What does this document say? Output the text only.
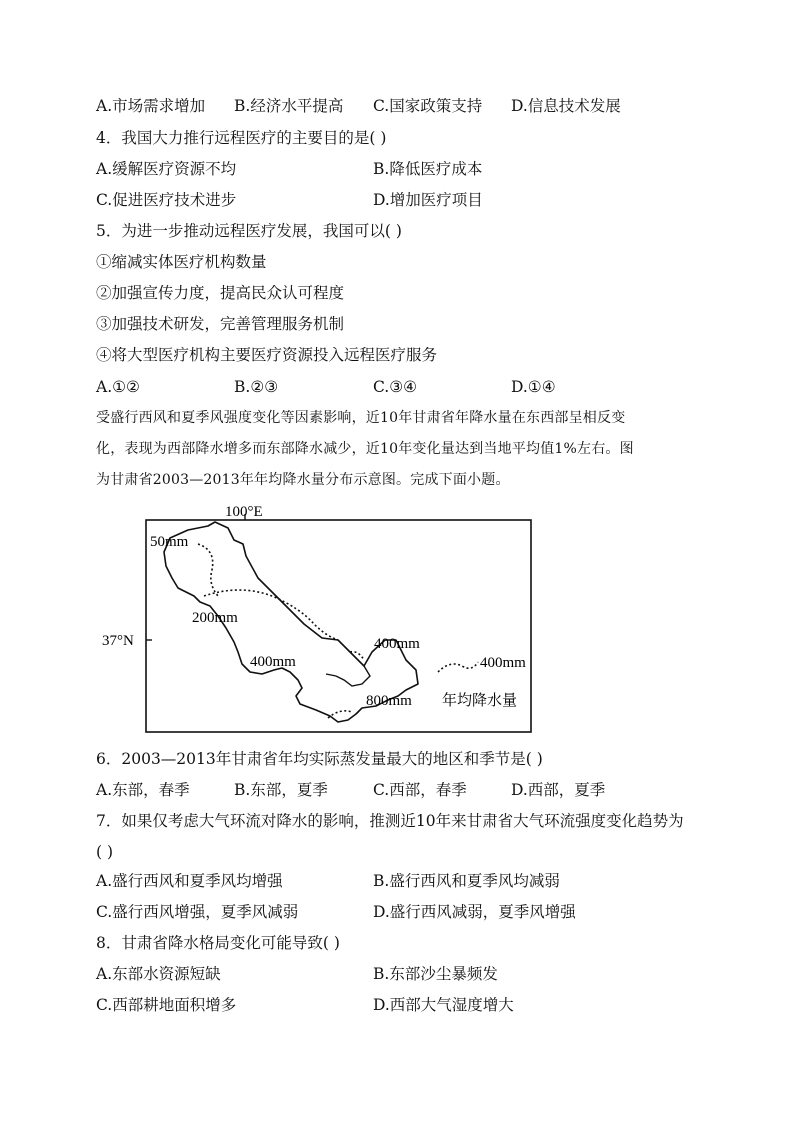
A.市场需求增加 B.经济水平提高 C.国家政策支持 D.信息技术发展
4．我国大力推行远程医疗的主要目的是( )
A.缓解医疗资源不均	B.降低医疗成本
C.促进医疗技术进步	D.增加医疗项目
5．为进一步推动远程医疗发展，我国可以( )
①缩减实体医疗机构数量
②加强宣传力度，提高民众认可程度
③加强技术研发，完善管理服务机制
④将大型医疗机构主要医疗资源投入远程医疗服务
A.①②	B.②③	C.③④	D.①④
受盛行西风和夏季风强度变化等因素影响，近10年甘肃省年降水量在东西部呈相反变
化，表现为西部降水增多而东部降水减少，近10年变化量达到当地平均值1%左右。图
为甘肃省2003—2013年年均降水量分布示意图。完成下面小题。
100°E
37°N
50mm
200mm
400mm
400mm
800mm
400mm
年均降水量
6．2003—2013年甘肃省年均实际蒸发量最大的地区和季节是( )
A.东部，春季	B.东部，夏季	C.西部，春季	D.西部，夏季
7．如果仅考虑大气环流对降水的影响，推测近10年来甘肃省大气环流强度变化趋势为
( )
A.盛行西风和夏季风均增强	B.盛行西风和夏季风均减弱
C.盛行西风增强，夏季风减弱	D.盛行西风减弱，夏季风增强
8．甘肃省降水格局变化可能导致( )
A.东部水资源短缺	B.东部沙尘暴频发
C.西部耕地面积增多	D.西部大气湿度增大
